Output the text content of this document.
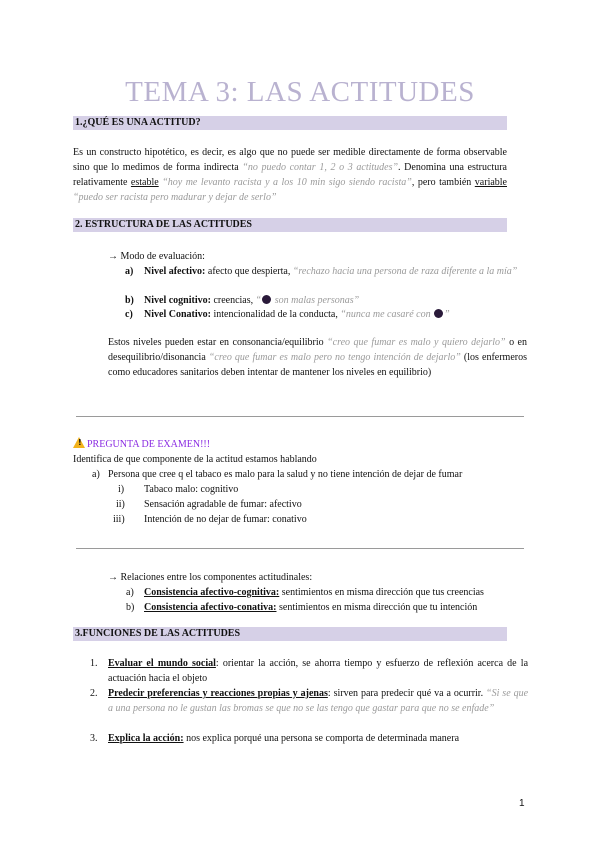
TEMA 3: LAS ACTITUDES
1.¿QUÉ ES UNA ACTITUD?
Es un constructo hipotético, es decir, es algo que no puede ser medible directamente de forma observable sino que lo medimos de forma indirecta “no puedo contar 1, 2 o 3 actitudes”. Denomina una estructura relativamente estable “hoy me levanto racista y a los 10 min sigo siendo racista”, pero también variable “puedo ser racista pero madurar y dejar de serlo”
2. ESTRUCTURA DE LAS ACTITUDES
→ Modo de evaluación:
a)	Nivel afectivo: afecto que despierta, “rechazo hacia una persona de raza diferente a la mía”
b)	Nivel cognitivo: creencias, “ son malas personas”
c)	Nivel Conativo: intencionalidad de la conducta, “nunca me casaré con ”
Estos niveles pueden estar en consonancia/equilibrio “creo que fumar es malo y quiero dejarlo” o en desequilibrio/disonancia “creo que fumar es malo pero no tengo intención de dejarlo” (los enfermeros como educadores sanitarios deben intentar de mantener los niveles en equilibrio)
! PREGUNTA DE EXAMEN!!!
Identifica de que componente de la actitud estamos hablando
a) Persona que cree q el tabaco es malo para la salud y no tiene intención de dejar de fumar
i) Tabaco malo: cognitivo
ii) Sensación agradable de fumar: afectivo
iii) Intención de no dejar de fumar: conativo
→ Relaciones entre los componentes actitudinales:
a) Consistencia afectivo-cognitiva: sentimientos en misma dirección que tus creencias
b) Consistencia afectivo-conativa: sentimientos en misma dirección que tu intención
3.FUNCIONES DE LAS ACTITUDES
1. Evaluar el mundo social: orientar la acción, se ahorra tiempo y esfuerzo de reflexión acerca de la actuación hacia el objeto
2. Predecir preferencias y reacciones propias y ajenas: sirven para predecir qué va a ocurrir. “Si se que a una persona no le gustan las bromas se que no se las tengo que gastar para que no se enfade”
3. Explica la acción: nos explica porqué una persona se comporta de determinada manera
1
